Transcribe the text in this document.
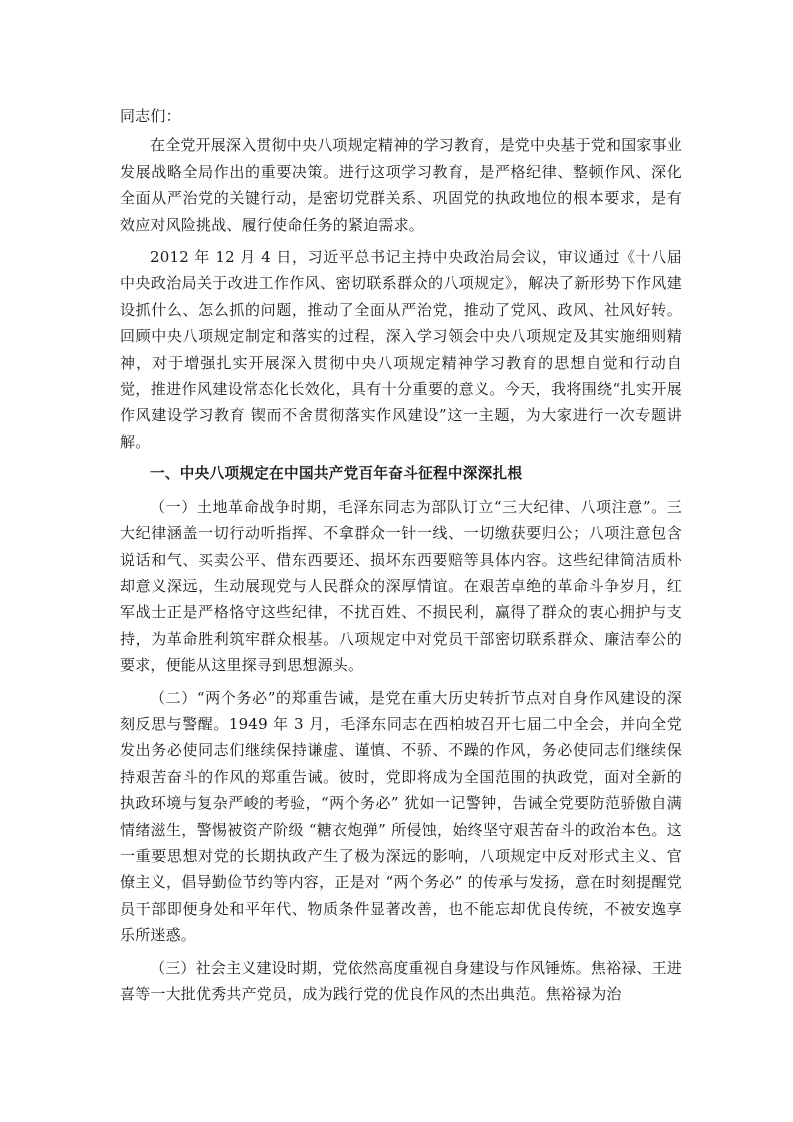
同志们：

在全党开展深入贯彻中央八项规定精神的学习教育，是党中央基于党和国家事业发展战略全局作出的重要决策。进行这项学习教育，是严格纪律、整顿作风、深化全面从严治党的关键行动，是密切党群关系、巩固党的执政地位的根本要求，是有效应对风险挑战、履行使命任务的紧迫需求。

2012 年 12 月 4 日，习近平总书记主持中央政治局会议，审议通过《十八届中央政治局关于改进工作作风、密切联系群众的八项规定》，解决了新形势下作风建设抓什么、怎么抓的问题，推动了全面从严治党，推动了党风、政风、社风好转。回顾中央八项规定制定和落实的过程，深入学习领会中央八项规定及其实施细则精神，对于增强扎实开展深入贯彻中央八项规定精神学习教育的思想自觉和行动自觉，推进作风建设常态化长效化，具有十分重要的意义。今天，我将围绕“扎实开展作风建设学习教育 锲而不舍贯彻落实作风建设”这一主题，为大家进行一次专题讲解。

一、中央八项规定在中国共产党百年奋斗征程中深深扎根

（一）土地革命战争时期，毛泽东同志为部队订立“三大纪律、八项注意”。三大纪律涵盖一切行动听指挥、不拿群众一针一线、一切缴获要归公；八项注意包含说话和气、买卖公平、借东西要还、损坏东西要赔等具体内容。这些纪律简洁质朴却意义深远，生动展现党与人民群众的深厚情谊。在艰苦卓绝的革命斗争岁月，红军战士正是严格恪守这些纪律，不扰百姓、不损民利，赢得了群众的衷心拥护与支持，为革命胜利筑牢群众根基。八项规定中对党员干部密切联系群众、廉洁奉公的要求，便能从这里探寻到思想源头。

（二）“两个务必”的郑重告诫，是党在重大历史转折节点对自身作风建设的深刻反思与警醒。1949 年 3 月，毛泽东同志在西柏坡召开七届二中全会，并向全党发出务必使同志们继续保持谦虚、谨慎、不骄、不躁的作风，务必使同志们继续保持艰苦奋斗的作风的郑重告诫。彼时，党即将成为全国范围的执政党，面对全新的执政环境与复杂严峻的考验，“两个务必” 犹如一记警钟，告诫全党要防范骄傲自满情绪滋生，警惕被资产阶级 “糖衣炮弹” 所侵蚀，始终坚守艰苦奋斗的政治本色。这一重要思想对党的长期执政产生了极为深远的影响，八项规定中反对形式主义、官僚主义，倡导勤俭节约等内容，正是对 “两个务必” 的传承与发扬，意在时刻提醒党员干部即便身处和平年代、物质条件显著改善，也不能忘却优良传统，不被安逸享乐所迷惑。

（三）社会主义建设时期，党依然高度重视自身建设与作风锤炼。焦裕禄、王进喜等一大批优秀共产党员，成为践行党的优良作风的杰出典范。焦裕禄为治
